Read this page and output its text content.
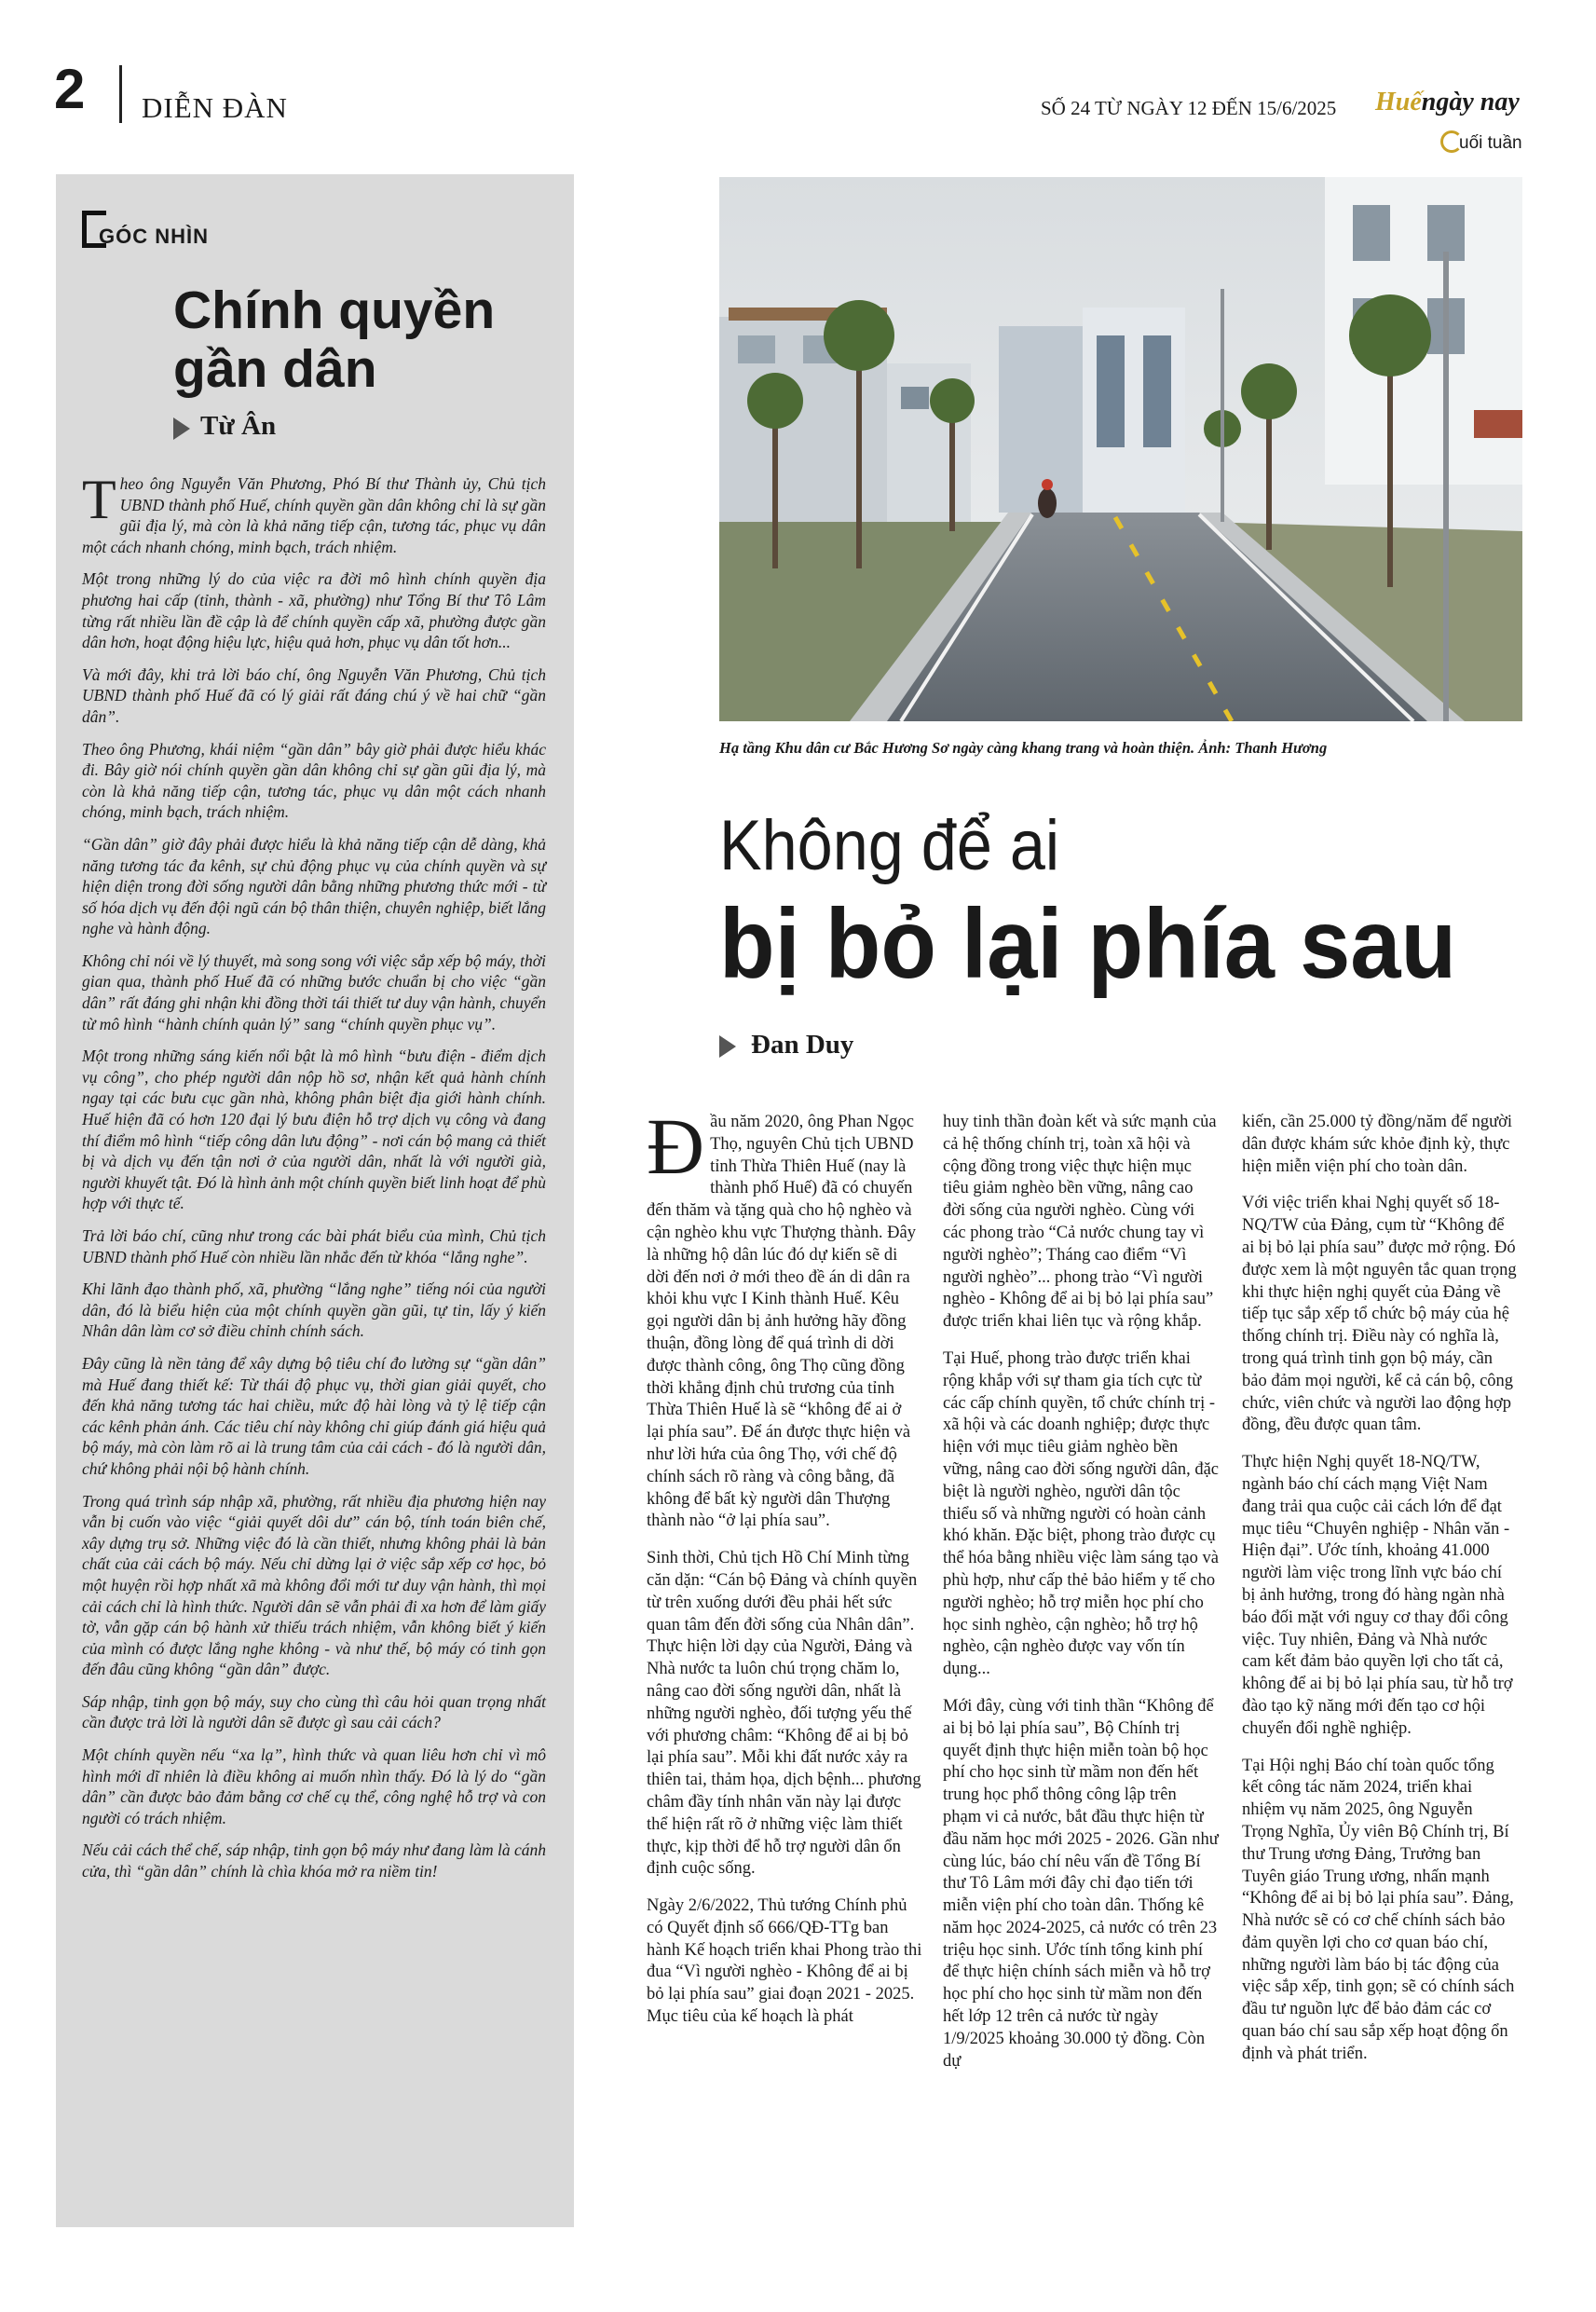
2 DIỄN ĐÀN	SỐ 24 TỪ NGÀY 12 ĐẾN 15/6/2025 Huếngày nay
uối tuần
GÓC NHÌN
Chính quyền gần dân
Từ Ân

Theo ông Nguyễn Văn Phương, Phó Bí thư Thành ủy, Chủ tịch UBND thành phố Huế, chính quyền gần dân không chỉ là sự gần gũi địa lý, mà còn là khả năng tiếp cận, tương tác, phục vụ dân một cách nhanh chóng, minh bạch, trách nhiệm.

Một trong những lý do của việc ra đời mô hình chính quyền địa phương hai cấp (tỉnh, thành - xã, phường) như Tổng Bí thư Tô Lâm từng rất nhiều lần đề cập là để chính quyền cấp xã, phường được gần dân hơn, hoạt động hiệu lực, hiệu quả hơn, phục vụ dân tốt hơn...

Và mới đây, khi trả lời báo chí, ông Nguyễn Văn Phương, Chủ tịch UBND thành phố Huế đã có lý giải rất đáng chú ý về hai chữ “gần dân”.

Theo ông Phương, khái niệm “gần dân” bây giờ phải được hiểu khác đi. Bây giờ nói chính quyền gần dân không chỉ sự gần gũi địa lý, mà còn là khả năng tiếp cận, tương tác, phục vụ dân một cách nhanh chóng, minh bạch, trách nhiệm.

“Gần dân” giờ đây phải được hiểu là khả năng tiếp cận dễ dàng, khả năng tương tác đa kênh, sự chủ động phục vụ của chính quyền và sự hiện diện trong đời sống người dân bằng những phương thức mới - từ số hóa dịch vụ đến đội ngũ cán bộ thân thiện, chuyên nghiệp, biết lắng nghe và hành động.

Không chỉ nói về lý thuyết, mà song song với việc sắp xếp bộ máy, thời gian qua, thành phố Huế đã có những bước chuẩn bị cho việc “gần dân” rất đáng ghi nhận khi đồng thời tái thiết tư duy vận hành, chuyển từ mô hình “hành chính quản lý” sang “chính quyền phục vụ”.

Một trong những sáng kiến nổi bật là mô hình “bưu điện - điểm dịch vụ công”, cho phép người dân nộp hồ sơ, nhận kết quả hành chính ngay tại các bưu cục gần nhà, không phân biệt địa giới hành chính. Huế hiện đã có hơn 120 đại lý bưu điện hỗ trợ dịch vụ công và đang thí điểm mô hình “tiếp công dân lưu động” - nơi cán bộ mang cả thiết bị và dịch vụ đến tận nơi ở của người dân, nhất là với người già, người khuyết tật. Đó là hình ảnh một chính quyền biết linh hoạt để phù hợp với thực tế.

Trả lời báo chí, cũng như trong các bài phát biểu của mình, Chủ tịch UBND thành phố Huế còn nhiều lần nhắc đến từ khóa “lắng nghe”.

Khi lãnh đạo thành phố, xã, phường “lắng nghe” tiếng nói của người dân, đó là biểu hiện của một chính quyền gần gũi, tự tin, lấy ý kiến Nhân dân làm cơ sở điều chỉnh chính sách.

Đây cũng là nền tảng để xây dựng bộ tiêu chí đo lường sự “gần dân” mà Huế đang thiết kế: Từ thái độ phục vụ, thời gian giải quyết, cho đến khả năng tương tác hai chiều, mức độ hài lòng và tỷ lệ tiếp cận các kênh phản ánh. Các tiêu chí này không chỉ giúp đánh giá hiệu quả bộ máy, mà còn làm rõ ai là trung tâm của cải cách - đó là người dân, chứ không phải nội bộ hành chính.

Trong quá trình sáp nhập xã, phường, rất nhiều địa phương hiện nay vẫn bị cuốn vào việc “giải quyết dôi dư” cán bộ, tính toán biên chế, xây dựng trụ sở. Những việc đó là cần thiết, nhưng không phải là bản chất của cải cách bộ máy. Nếu chỉ dừng lại ở việc sắp xếp cơ học, bỏ một huyện rồi hợp nhất xã mà không đổi mới tư duy vận hành, thì mọi cải cách chỉ là hình thức. Người dân sẽ vẫn phải đi xa hơn để làm giấy tờ, vẫn gặp cán bộ hành xử thiếu trách nhiệm, vẫn không biết ý kiến của mình có được lắng nghe không - và như thế, bộ máy có tinh gọn đến đâu cũng không “gần dân” được.

Sáp nhập, tinh gọn bộ máy, suy cho cùng thì câu hỏi quan trọng nhất cần được trả lời là người dân sẽ được gì sau cải cách?

Một chính quyền nếu “xa lạ”, hình thức và quan liêu hơn chỉ vì mô hình mới dĩ nhiên là điều không ai muốn nhìn thấy. Đó là lý do “gần dân” cần được bảo đảm bằng cơ chế cụ thể, công nghệ hỗ trợ và con người có trách nhiệm.

Nếu cải cách thể chế, sáp nhập, tinh gọn bộ máy như đang làm là cánh cửa, thì “gần dân” chính là chìa khóa mở ra niềm tin!

Hạ tầng Khu dân cư Bắc Hương Sơ ngày càng khang trang và hoàn thiện. Ảnh: Thanh Hương
Không để ai
bị bỏ lại phía sau
Đan Duy

Đầu năm 2020, ông Phan Ngọc Thọ, nguyên Chủ tịch UBND tỉnh Thừa Thiên Huế (nay là thành phố Huế) đã có chuyến đến thăm và tặng quà cho hộ nghèo và cận nghèo khu vực Thượng thành. Đây là những hộ dân lúc đó dự kiến sẽ di dời đến nơi ở mới theo đề án di dân ra khỏi khu vực I Kinh thành Huế. Kêu gọi người dân bị ảnh hưởng hãy đồng thuận, đồng lòng để quá trình di dời được thành công, ông Thọ cũng đồng thời khẳng định chủ trương của tỉnh Thừa Thiên Huế là sẽ “không để ai ở lại phía sau”. Để án được thực hiện và như lời hứa của ông Thọ, với chế độ chính sách rõ ràng và công bằng, đã không để bất kỳ người dân Thượng thành nào “ở lại phía sau”.

Sinh thời, Chủ tịch Hồ Chí Minh từng căn dặn: “Cán bộ Đảng và chính quyền từ trên xuống dưới đều phải hết sức quan tâm đến đời sống của Nhân dân”. Thực hiện lời dạy của Người, Đảng và Nhà nước ta luôn chú trọng chăm lo, nâng cao đời sống người dân, nhất là những người nghèo, đối tượng yếu thế với phương châm: “Không để ai bị bỏ lại phía sau”. Mỗi khi đất nước xảy ra thiên tai, thảm họa, dịch bệnh... phương châm đầy tính nhân văn này lại được thể hiện rất rõ ở những việc làm thiết thực, kịp thời để hỗ trợ người dân ổn định cuộc sống.

Ngày 2/6/2022, Thủ tướng Chính phủ có Quyết định số 666/QĐ-TTg ban hành Kế hoạch triển khai Phong trào thi đua “Vì người nghèo - Không để ai bị bỏ lại phía sau” giai đoạn 2021 - 2025. Mục tiêu của kế hoạch là phát

huy tinh thần đoàn kết và sức mạnh của cả hệ thống chính trị, toàn xã hội và cộng đồng trong việc thực hiện mục tiêu giảm nghèo bền vững, nâng cao đời sống của người nghèo. Cùng với các phong trào “Cả nước chung tay vì người nghèo”; Tháng cao điểm “Vì người nghèo”... phong trào “Vì người nghèo - Không để ai bị bỏ lại phía sau” được triển khai liên tục và rộng khắp.

Tại Huế, phong trào được triển khai rộng khắp với sự tham gia tích cực từ các cấp chính quyền, tổ chức chính trị - xã hội và các doanh nghiệp; được thực hiện với mục tiêu giảm nghèo bền vững, nâng cao đời sống người dân, đặc biệt là người nghèo, người dân tộc thiểu số và những người có hoàn cảnh khó khăn. Đặc biệt, phong trào được cụ thể hóa bằng nhiều việc làm sáng tạo và phù hợp, như cấp thẻ bảo hiểm y tế cho người nghèo; hỗ trợ miễn học phí cho học sinh nghèo, cận nghèo; hỗ trợ hộ nghèo, cận nghèo được vay vốn tín dụng...

Mới đây, cùng với tinh thần “Không để ai bị bỏ lại phía sau”, Bộ Chính trị quyết định thực hiện miễn toàn bộ học phí cho học sinh từ mầm non đến hết trung học phổ thông công lập trên phạm vi cả nước, bắt đầu thực hiện từ đầu năm học mới 2025 - 2026. Gần như cùng lúc, báo chí nêu vấn đề Tổng Bí thư Tô Lâm mới đây chỉ đạo tiến tới miễn viện phí cho toàn dân. Thống kê năm học 2024-2025, cả nước có trên 23 triệu học sinh. Ước tính tổng kinh phí để thực hiện chính sách miễn và hỗ trợ học phí cho học sinh từ mầm non đến hết lớp 12 trên cả nước từ ngày 1/9/2025 khoảng 30.000 tỷ đồng. Còn dự

kiến, cần 25.000 tỷ đồng/năm để người dân được khám sức khỏe định kỳ, thực hiện miễn viện phí cho toàn dân.

Với việc triển khai Nghị quyết số 18-NQ/TW của Đảng, cụm từ “Không để ai bị bỏ lại phía sau” được mở rộng. Đó được xem là một nguyên tắc quan trọng khi thực hiện nghị quyết của Đảng về tiếp tục sắp xếp tổ chức bộ máy của hệ thống chính trị. Điều này có nghĩa là, trong quá trình tinh gọn bộ máy, cần bảo đảm mọi người, kể cả cán bộ, công chức, viên chức và người lao động hợp đồng, đều được quan tâm.

Thực hiện Nghị quyết 18-NQ/TW, ngành báo chí cách mạng Việt Nam đang trải qua cuộc cải cách lớn để đạt mục tiêu “Chuyên nghiệp - Nhân văn - Hiện đại”. Ước tính, khoảng 41.000 người làm việc trong lĩnh vực báo chí bị ảnh hưởng, trong đó hàng ngàn nhà báo đối mặt với nguy cơ thay đổi công việc. Tuy nhiên, Đảng và Nhà nước cam kết đảm bảo quyền lợi cho tất cả, không để ai bị bỏ lại phía sau, từ hỗ trợ đào tạo kỹ năng mới đến tạo cơ hội chuyển đổi nghề nghiệp.

Tại Hội nghị Báo chí toàn quốc tổng kết công tác năm 2024, triển khai nhiệm vụ năm 2025, ông Nguyễn Trọng Nghĩa, Ủy viên Bộ Chính trị, Bí thư Trung ương Đảng, Trưởng ban Tuyên giáo Trung ương, nhấn mạnh “Không để ai bị bỏ lại phía sau”. Đảng, Nhà nước sẽ có cơ chế chính sách bảo đảm quyền lợi cho cơ quan báo chí, những người làm báo bị tác động của việc sắp xếp, tinh gọn; sẽ có chính sách đầu tư nguồn lực để bảo đảm các cơ quan báo chí sau sắp xếp hoạt động ổn định và phát triển.
